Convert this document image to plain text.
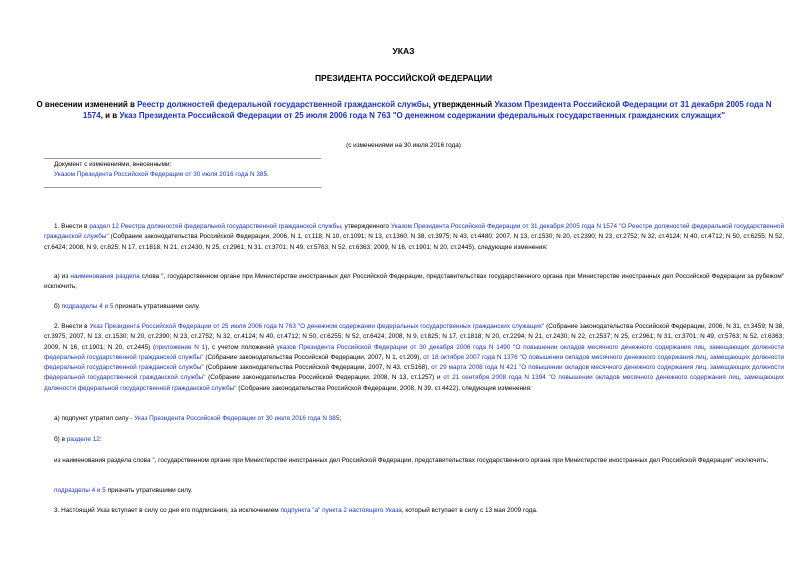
УКАЗ
ПРЕЗИДЕНТА РОССИЙСКОЙ ФЕДЕРАЦИИ
О внесении изменений в Реестр должностей федеральной государственной гражданской службы, утвержденный Указом Президента Российской Федерации от 31 декабря 2005 года N 1574, и в Указ Президента Российской Федерации от 25 июля 2006 года N 763 "О денежном содержании федеральных государственных гражданских служащих"
(с изменениями на 30 июля 2016 года)
Документ с изменениями, внесенными:
Указом Президента Российской Федерации от 30 июля 2016 года N 385.
1. Внести в раздел 12 Реестра должностей федеральной государственной гражданской службы, утвержденного Указом Президента Российской Федерации от 31 декабря 2005 года N 1574 "О Реестре должностей федеральной государственной гражданской службы" (Собрание законодательства Российской Федерации, 2006, N 1, ст.118; N 10, ст.1091; N 13, ст.1360; N 38, ст.3975; N 43, ст.4480; 2007, N 13, ст.1530; N 20, ст.2390; N 23, ст.2752; N 32, ст.4124; N 40, ст.4712; N 50, ст.6255; N 52, ст.6424; 2008, N 9, ст.825; N 17, ст.1818; N 21, ст.2430, N 25, ст.2961; N 31, ст.3701; N 49, ст.5763; N 52, ст.6363; 2009, N 16, ст.1901; N 20, ст.2445), следующие изменения:
а) из наименования раздела слова ", государственном органе при Министерстве иностранных дел Российской Федерации, представительствах государственного органа при Министерстве иностранных дел Российской Федерации за рубежом" исключить;
б) подразделы 4 и 5 признать утратившими силу.
2. Внести в Указ Президента Российской Федерации от 25 июля 2006 года N 763 "О денежном содержании федеральных государственных гражданских служащих" (Собрание законодательства Российской Федерации, 2006, N 31, ст.3459; N 38, ст.3975; 2007, N 13, ст.1530; N 20, ст.2390; N 23, ст.2752; N 32, ст.4124; N 40, ст.4712; N 50, ст.6255; N 52, ст.6424; 2008, N 9, ст.825; N 17, ст.1818; N 20, ст.2294; N 21, ст.2430; N 22, ст.2537; N 25, ст.2961; N 31, ст.3701; N 49, ст.5763; N 52, ст.6363; 2009, N 16, ст.1901; N 20, ст.2445) (приложение N 1), с учетом положений указов Президента Российской Федерации от 30 декабря 2006 года N 1490 "О повышении окладов месячного денежного содержания лиц, замещающих должности федеральной государственной гражданской службы" (Собрание законодательства Российской Федерации, 2007, N 1, ст.209), от 18 октября 2007 года N 1376 "О повышении окладов месячного денежного содержания лиц, замещающих должности федеральной государственной гражданской службы" (Собрание законодательства Российской Федерации, 2007, N 43, ст.5168), от 29 марта 2008 года N 421 "О повышении окладов месячного денежного содержания лиц, замещающих должности федеральной государственной гражданской службы" (Собрание законодательства Российской Федерации, 2008, N 13, ст.1257) и от 21 сентября 2008 года N 1394 "О повышении окладов месячного денежного содержания лиц, замещающих должности федеральной государственной гражданской службы" (Собрание законодательства Российской Федерации, 2008, N 39, ст.4422), следующие изменения:
а) подпункт утратил силу - Указ Президента Российской Федерации от 30 июля 2016 года N 385;
б) в разделе 12:
из наименования раздела слова ", государственном органе при Министерстве иностранных дел Российской Федерации, представительствах государственного органа при Министерстве иностранных дел Российской Федерации" исключить;
подразделы 4 и 5 признать утратившими силу.
3. Настоящий Указ вступает в силу со дня его подписания, за исключением подпункта "а" пункта 2 настоящего Указа, который вступает в силу с 13 мая 2009 года.
